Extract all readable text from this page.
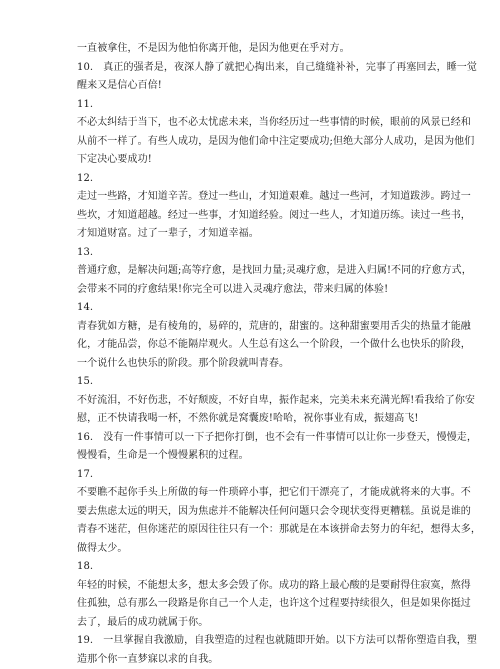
一直被拿住，不是因为他怕你离开他，是因为他更在乎对方。
10.　真正的强者是，夜深人静了就把心掏出来，自己缝缝补补，完事了再塞回去，睡一觉
醒来又是信心百倍!
11.
不必太纠结于当下，也不必太忧虑未来，当你经历过一些事情的时候，眼前的风景已经和
从前不一样了。有些人成功，是因为他们命中注定要成功;但绝大部分人成功，是因为他们
下定决心要成功!
12.
走过一些路，才知道辛苦。登过一些山，才知道艰难。越过一些河，才知道跋涉。跨过一
些坎，才知道超越。经过一些事，才知道经验。阅过一些人，才知道历练。读过一些书，
才知道财富。过了一辈子，才知道幸福。
13.
普通疗愈，是解决问题;高等疗愈，是找回力量;灵魂疗愈，是进入归属!不同的疗愈方式，
会带来不同的疗愈结果!你完全可以进入灵魂疗愈法，带来归属的体验!
14.
青春犹如方糖，是有棱角的，易碎的，荒唐的，甜蜜的。这种甜蜜要用舌尖的热量才能融
化，才能品尝，你总不能隔岸观火。人生总有这么一个阶段，一个做什么也快乐的阶段，
一个说什么也快乐的阶段。那个阶段就叫青春。
15.
不好流泪，不好伤悲，不好颓废，不好自卑，振作起来，完美未来充满光辉!看我给了你安
慰，正不快请我喝一杯，不然你就是窝囊废!哈哈，祝你事业有成，振翅高飞!
16.　没有一件事情可以一下子把你打倒，也不会有一件事情可以让你一步登天，慢慢走，
慢慢看，生命是一个慢慢累积的过程。
17.
不要瞧不起你手头上所做的每一件琐碎小事，把它们干漂亮了，才能成就将来的大事。不
要去焦虑太远的明天，因为焦虑并不能解决任何问题只会令现状变得更糟糕。虽说是谁的
青春不迷茫，但你迷茫的原因往往只有一个：那就是在本该拼命去努力的年纪，想得太多，
做得太少。
18.
年轻的时候，不能想太多，想太多会毁了你。成功的路上最心酸的是要耐得住寂寞，熬得
住孤独，总有那么一段路是你自己一个人走，也许这个过程要持续很久，但是如果你挺过
去了，最后的成功就属于你。
19.　一旦掌握自我激励，自我塑造的过程也就随即开始。以下方法可以帮你塑造自我，塑
造那个你一直梦寐以求的自我。
